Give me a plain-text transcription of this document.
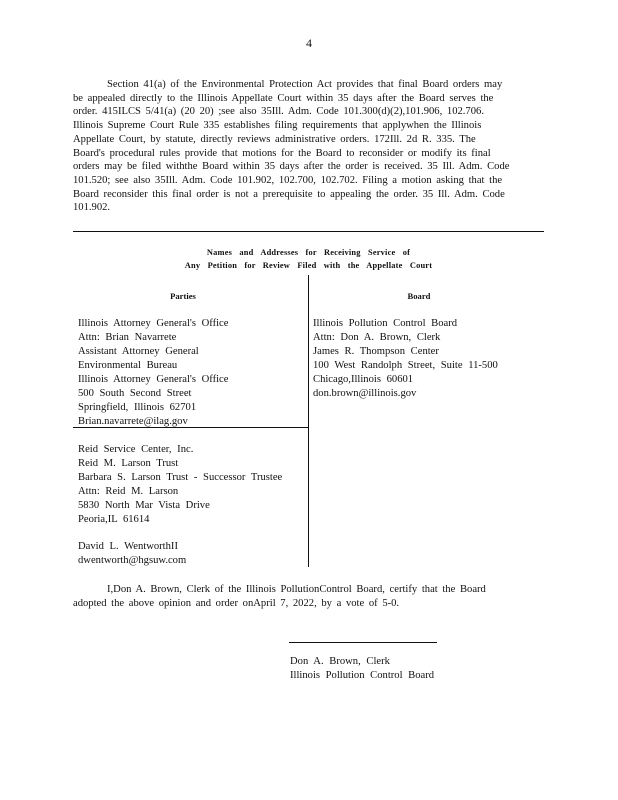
4
Section 41(a) of the Environmental Protection Act provides that final Board orders may
be appealed directly to the Illinois Appellate Court within 35 days after the Board serves the
order. 415ILCS 5/41(a) (20 20) ;see also 35Ill. Adm. Code 101.300(d)(2),101.906, 102.706.
Illinois Supreme Court Rule 335 establishes filing requirements that applywhen the Illinois
Appellate Court, by statute, directly reviews administrative orders. 172Ill. 2d R. 335. The
Board's procedural rules provide that motions for the Board to reconsider or modify its final
orders may be filed withthe Board within 35 days after the order is received. 35 Ill. Adm. Code
101.520; see also 35Ill. Adm. Code 101.902, 102.700, 102.702. Filing a motion asking that the
Board reconsider this final order is not a prerequisite to appealing the order. 35 Ill. Adm. Code
101.902.
Names and Addresses for Receiving Service of
Any Petition for Review Filed with the Appellate Court
Parties	Board
Illinois Attorney General's Office
Attn: Brian Navarrete
Assistant Attorney General
Environmental Bureau
Illinois Attorney General's Office
500 South Second Street
Springfield, Illinois 62701
Brian.navarrete@ilag.gov
Reid Service Center, Inc.
Reid M. Larson Trust
Barbara S. Larson Trust - Successor Trustee
Attn: Reid M. Larson
5830 North Mar Vista Drive
Peoria,IL 61614
David L. WentworthII
dwentworth@hgsuw.com
Illinois Pollution Control Board
Attn: Don A. Brown, Clerk
James R. Thompson Center
100 West Randolph Street, Suite 11-500
Chicago,Illinois 60601
don.brown@illinois.gov
I,Don A. Brown, Clerk of the Illinois PollutionControl Board, certify that the Board
adopted the above opinion and order onApril 7, 2022, by a vote of 5-0.
Don A. Brown, Clerk
Illinois Pollution Control Board
